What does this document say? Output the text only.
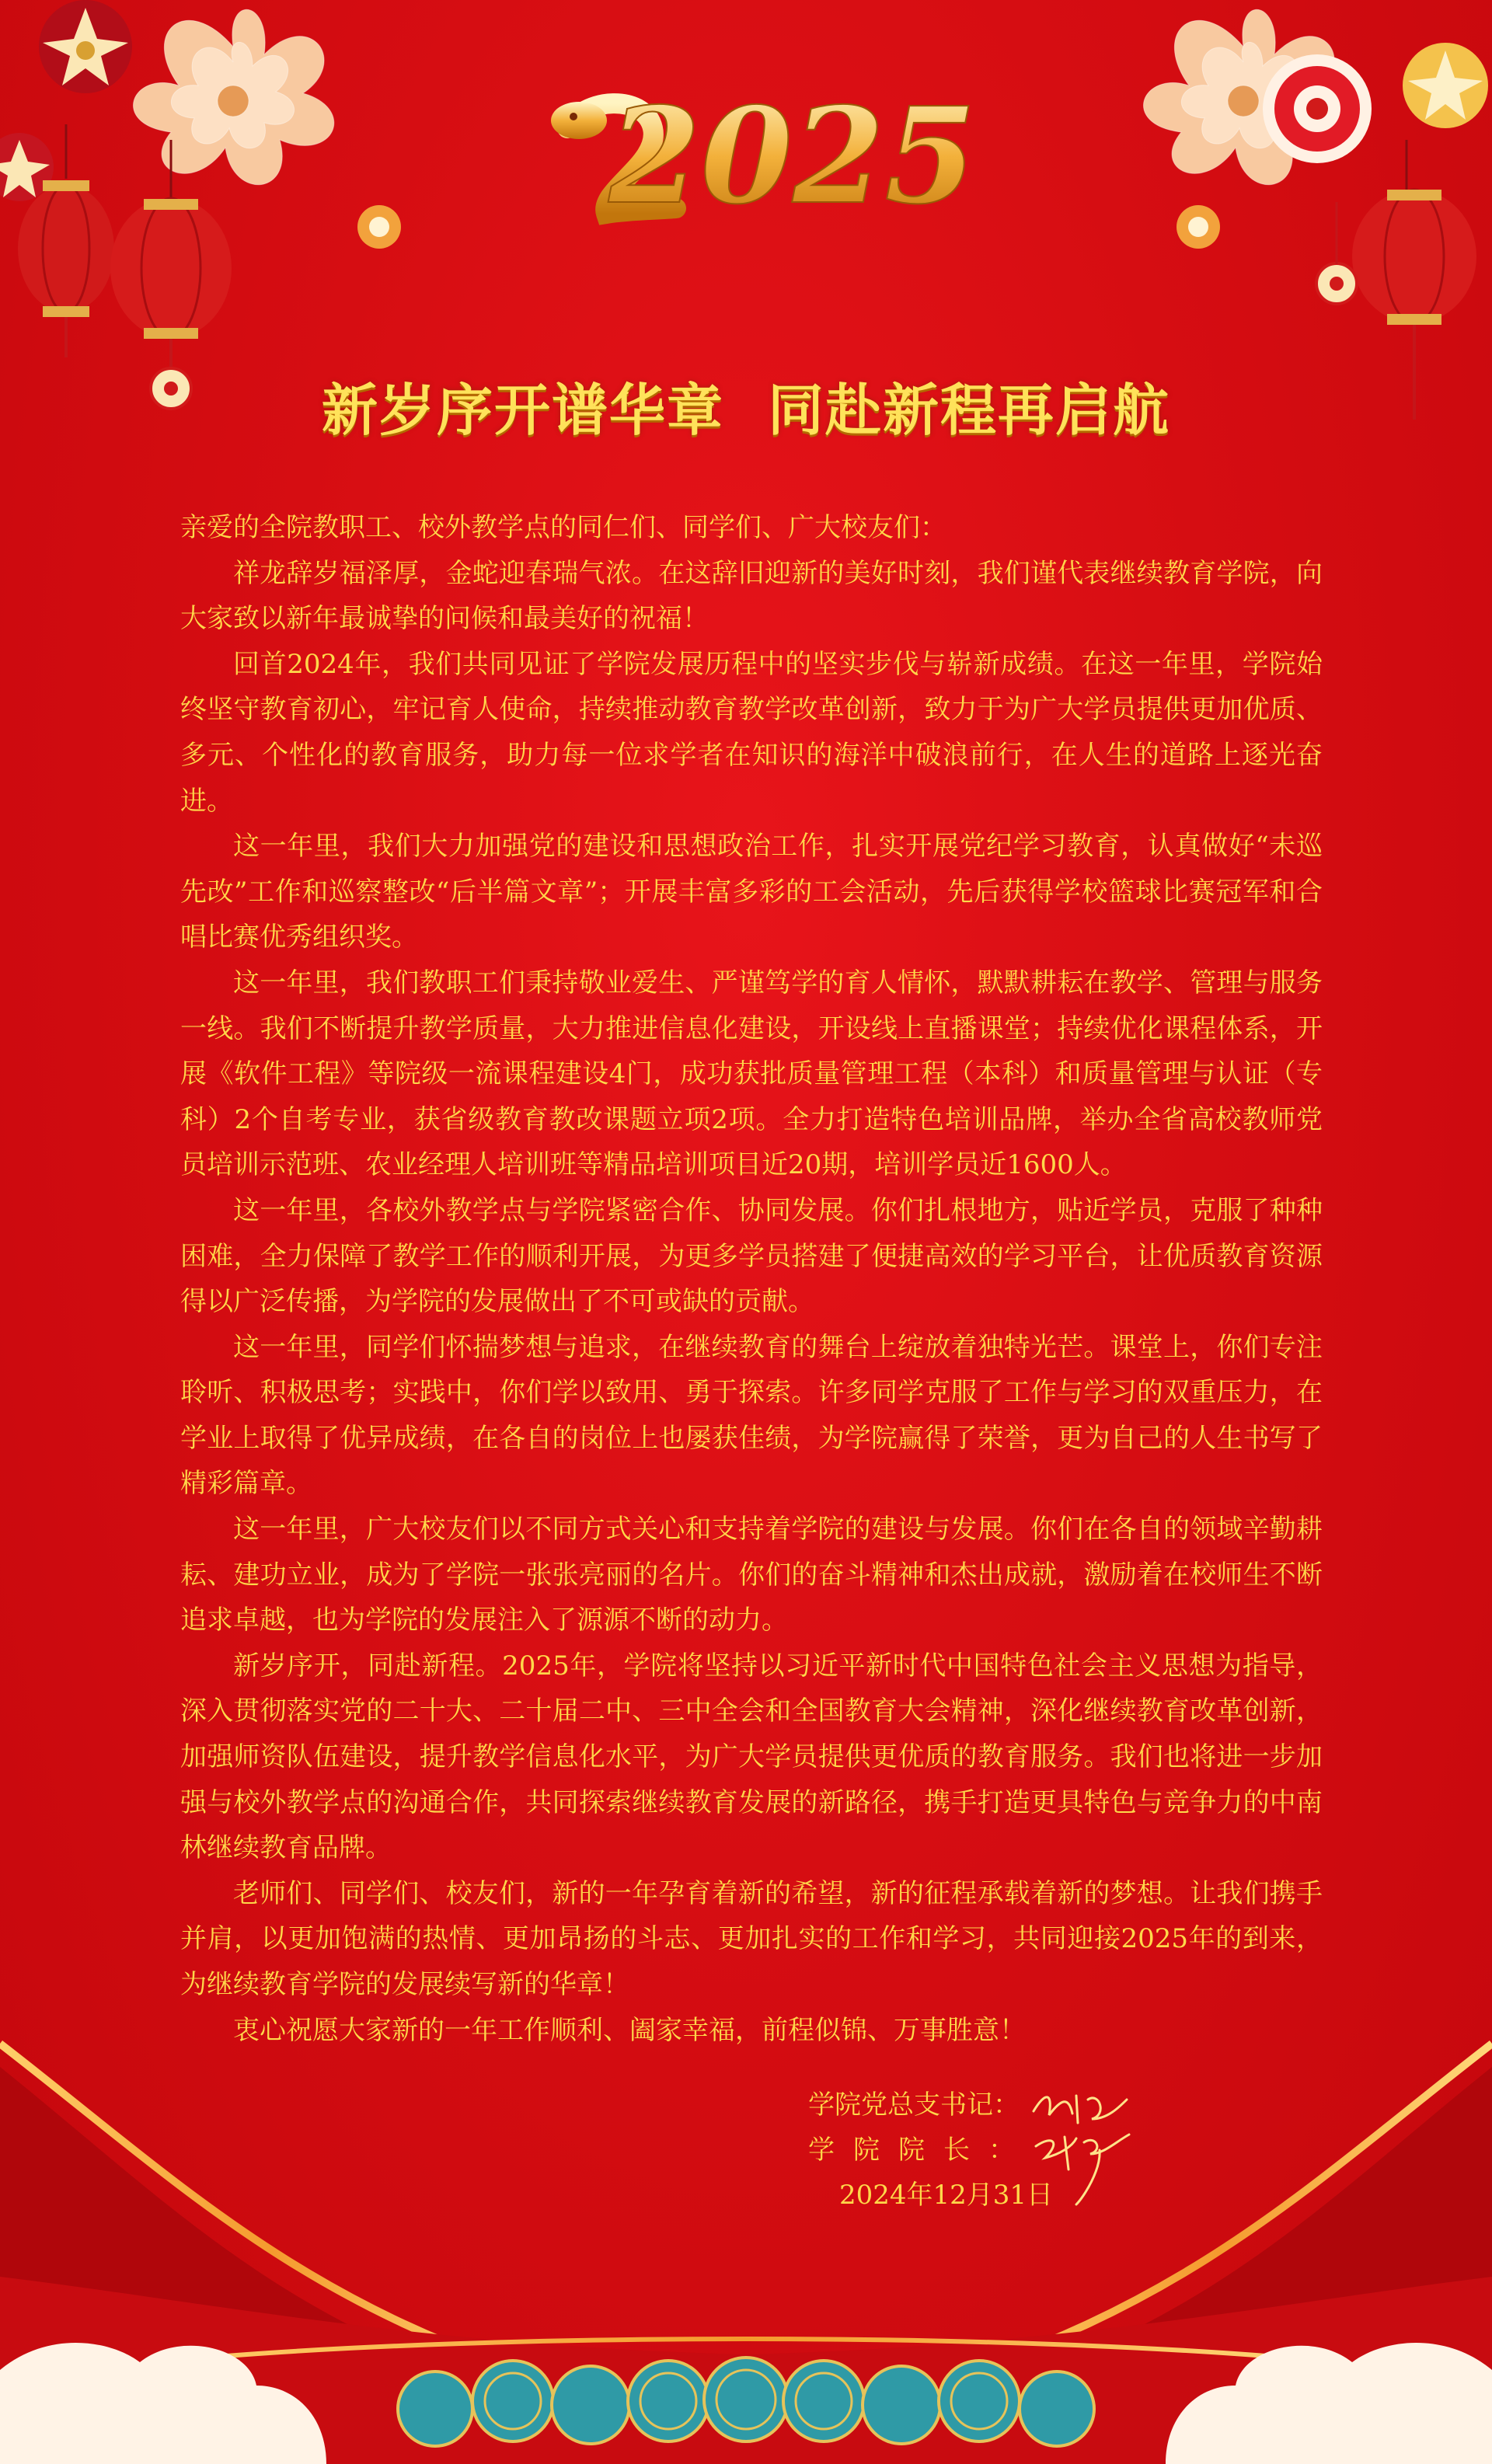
2025
新岁序开谱华章 同赴新程再启航

亲爱的全院教职工、校外教学点的同仁们、同学们、广大校友们：

祥龙辞岁福泽厚，金蛇迎春瑞气浓。在这辞旧迎新的美好时刻，我们谨代表继续教育学院，向大家致以新年最诚挚的问候和最美好的祝福！

回首2024年，我们共同见证了学院发展历程中的坚实步伐与崭新成绩。在这一年里，学院始终坚守教育初心，牢记育人使命，持续推动教育教学改革创新，致力于为广大学员提供更加优质、多元、个性化的教育服务，助力每一位求学者在知识的海洋中破浪前行，在人生的道路上逐光奋进。

这一年里，我们大力加强党的建设和思想政治工作，扎实开展党纪学习教育，认真做好“未巡先改”工作和巡察整改“后半篇文章”；开展丰富多彩的工会活动，先后获得学校篮球比赛冠军和合唱比赛优秀组织奖。

这一年里，我们教职工们秉持敬业爱生、严谨笃学的育人情怀，默默耕耘在教学、管理与服务一线。我们不断提升教学质量，大力推进信息化建设，开设线上直播课堂；持续优化课程体系，开展《软件工程》等院级一流课程建设4门，成功获批质量管理工程（本科）和质量管理与认证（专科）2个自考专业，获省级教育教改课题立项2项。全力打造特色培训品牌，举办全省高校教师党员培训示范班、农业经理人培训班等精品培训项目近20期，培训学员近1600人。

这一年里，各校外教学点与学院紧密合作、协同发展。你们扎根地方，贴近学员，克服了种种困难，全力保障了教学工作的顺利开展，为更多学员搭建了便捷高效的学习平台，让优质教育资源得以广泛传播，为学院的发展做出了不可或缺的贡献。

这一年里，同学们怀揣梦想与追求，在继续教育的舞台上绽放着独特光芒。课堂上，你们专注聆听、积极思考；实践中，你们学以致用、勇于探索。许多同学克服了工作与学习的双重压力，在学业上取得了优异成绩，在各自的岗位上也屡获佳绩，为学院赢得了荣誉，更为自己的人生书写了精彩篇章。

这一年里，广大校友们以不同方式关心和支持着学院的建设与发展。你们在各自的领域辛勤耕耘、建功立业，成为了学院一张张亮丽的名片。你们的奋斗精神和杰出成就，激励着在校师生不断追求卓越，也为学院的发展注入了源源不断的动力。

新岁序开，同赴新程。2025年，学院将坚持以习近平新时代中国特色社会主义思想为指导，深入贯彻落实党的二十大、二十届二中、三中全会和全国教育大会精神，深化继续教育改革创新，加强师资队伍建设，提升教学信息化水平，为广大学员提供更优质的教育服务。我们也将进一步加强与校外教学点的沟通合作，共同探索继续教育发展的新路径，携手打造更具特色与竞争力的中南林继续教育品牌。

老师们、同学们、校友们，新的一年孕育着新的希望，新的征程承载着新的梦想。让我们携手并肩，以更加饱满的热情、更加昂扬的斗志、更加扎实的工作和学习，共同迎接2025年的到来，为继续教育学院的发展续写新的华章！

衷心祝愿大家新的一年工作顺利、阖家幸福，前程似锦、万事胜意！

学院党总支书记：
学院院长：
2024年12月31日
